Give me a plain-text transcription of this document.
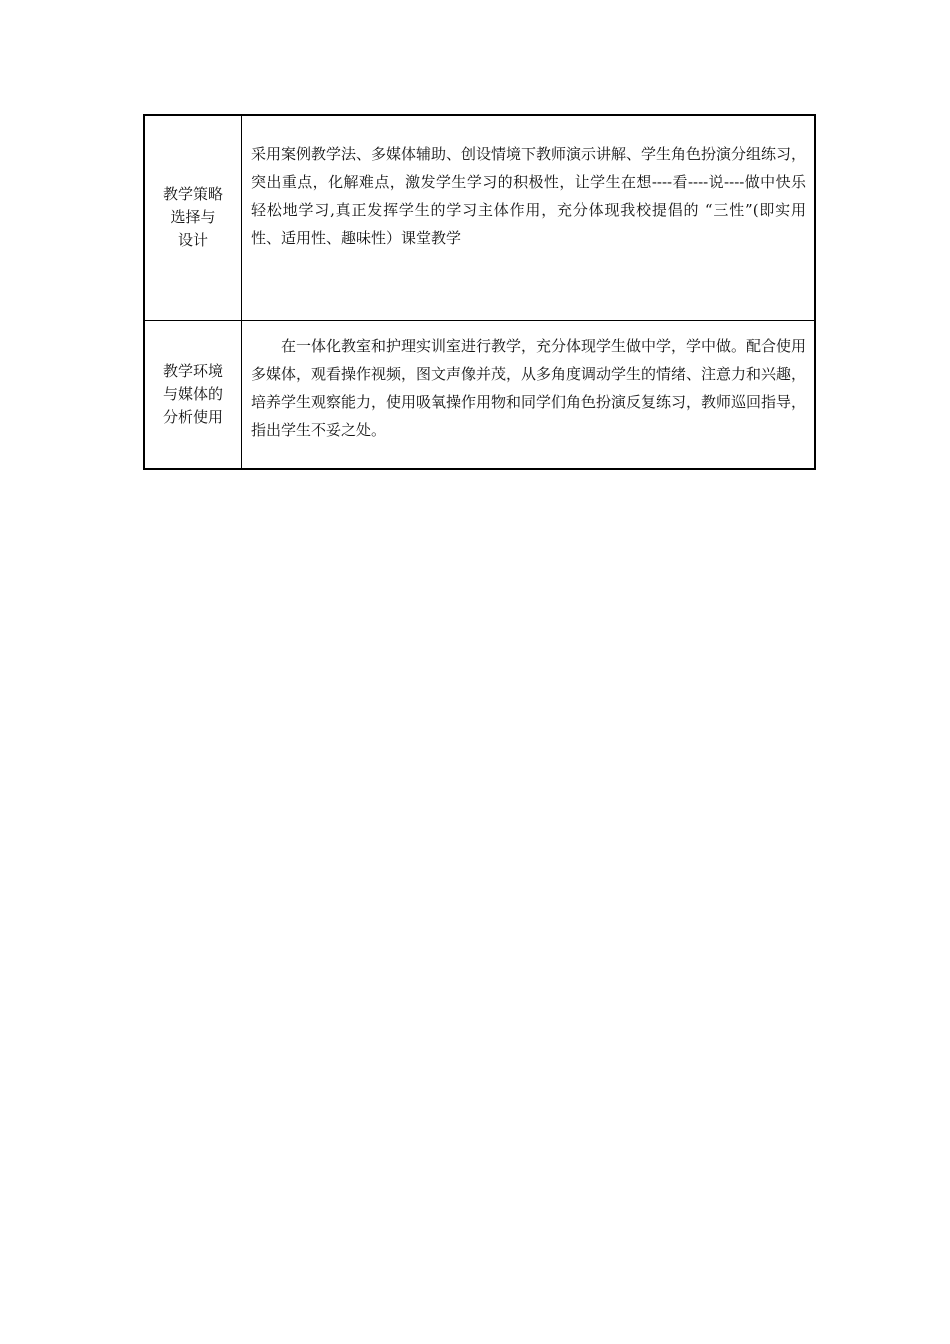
教学策略
选择与
设计	采用案例教学法、多媒体辅助、创设情境下教师演示讲解、学生角色扮演分组练习，突出重点，化解难点，激发学生学习的积极性，让学生在想----看----说----做中快乐轻松地学习,真正发挥学生的学习主体作用，充分体现我校提倡的 “三性”(即实用性、适用性、趣味性）课堂教学

教学环境
与媒体的
分析使用	在一体化教室和护理实训室进行教学，充分体现学生做中学，学中做。配合使用多媒体，观看操作视频，图文声像并茂，从多角度调动学生的情绪、注意力和兴趣，培养学生观察能力，使用吸氧操作用物和同学们角色扮演反复练习，教师巡回指导，指出学生不妥之处。
